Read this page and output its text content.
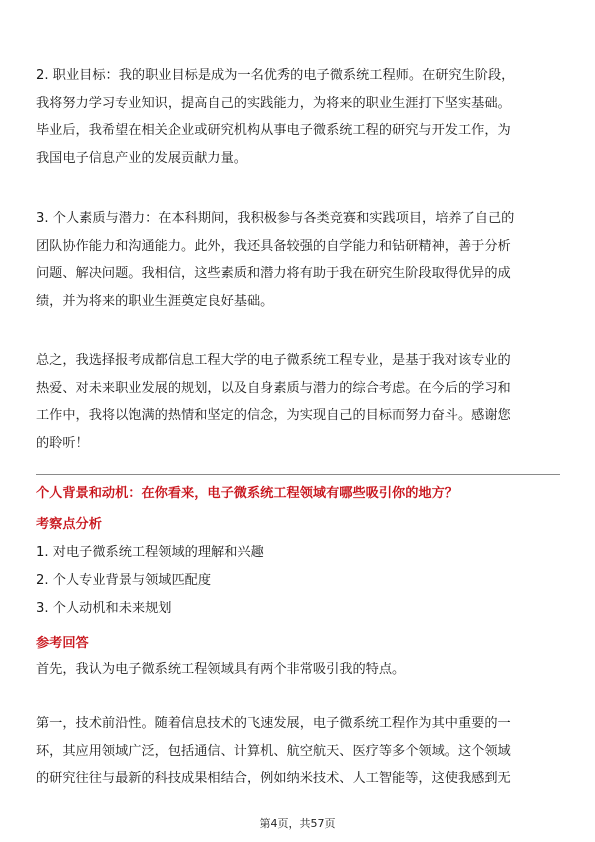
2. 职业目标：我的职业目标是成为一名优秀的电子微系统工程师。在研究生阶段，
我将努力学习专业知识，提高自己的实践能力，为将来的职业生涯打下坚实基础。
毕业后，我希望在相关企业或研究机构从事电子微系统工程的研究与开发工作，为
我国电子信息产业的发展贡献力量。

3. 个人素质与潜力：在本科期间，我积极参与各类竞赛和实践项目，培养了自己的
团队协作能力和沟通能力。此外，我还具备较强的自学能力和钻研精神，善于分析
问题、解决问题。我相信，这些素质和潜力将有助于我在研究生阶段取得优异的成
绩，并为将来的职业生涯奠定良好基础。

总之，我选择报考成都信息工程大学的电子微系统工程专业，是基于我对该专业的
热爱、对未来职业发展的规划，以及自身素质与潜力的综合考虑。在今后的学习和
工作中，我将以饱满的热情和坚定的信念，为实现自己的目标而努力奋斗。感谢您
的聆听！

个人背景和动机：在你看来，电子微系统工程领域有哪些吸引你的地方？
考察点分析
1. 对电子微系统工程领域的理解和兴趣
2. 个人专业背景与领域匹配度
3. 个人动机和未来规划
参考回答
首先，我认为电子微系统工程领域具有两个非常吸引我的特点。

第一，技术前沿性。随着信息技术的飞速发展，电子微系统工程作为其中重要的一
环，其应用领域广泛，包括通信、计算机、航空航天、医疗等多个领域。这个领域
的研究往往与最新的科技成果相结合，例如纳米技术、人工智能等，这使我感到无

第4页，共57页
